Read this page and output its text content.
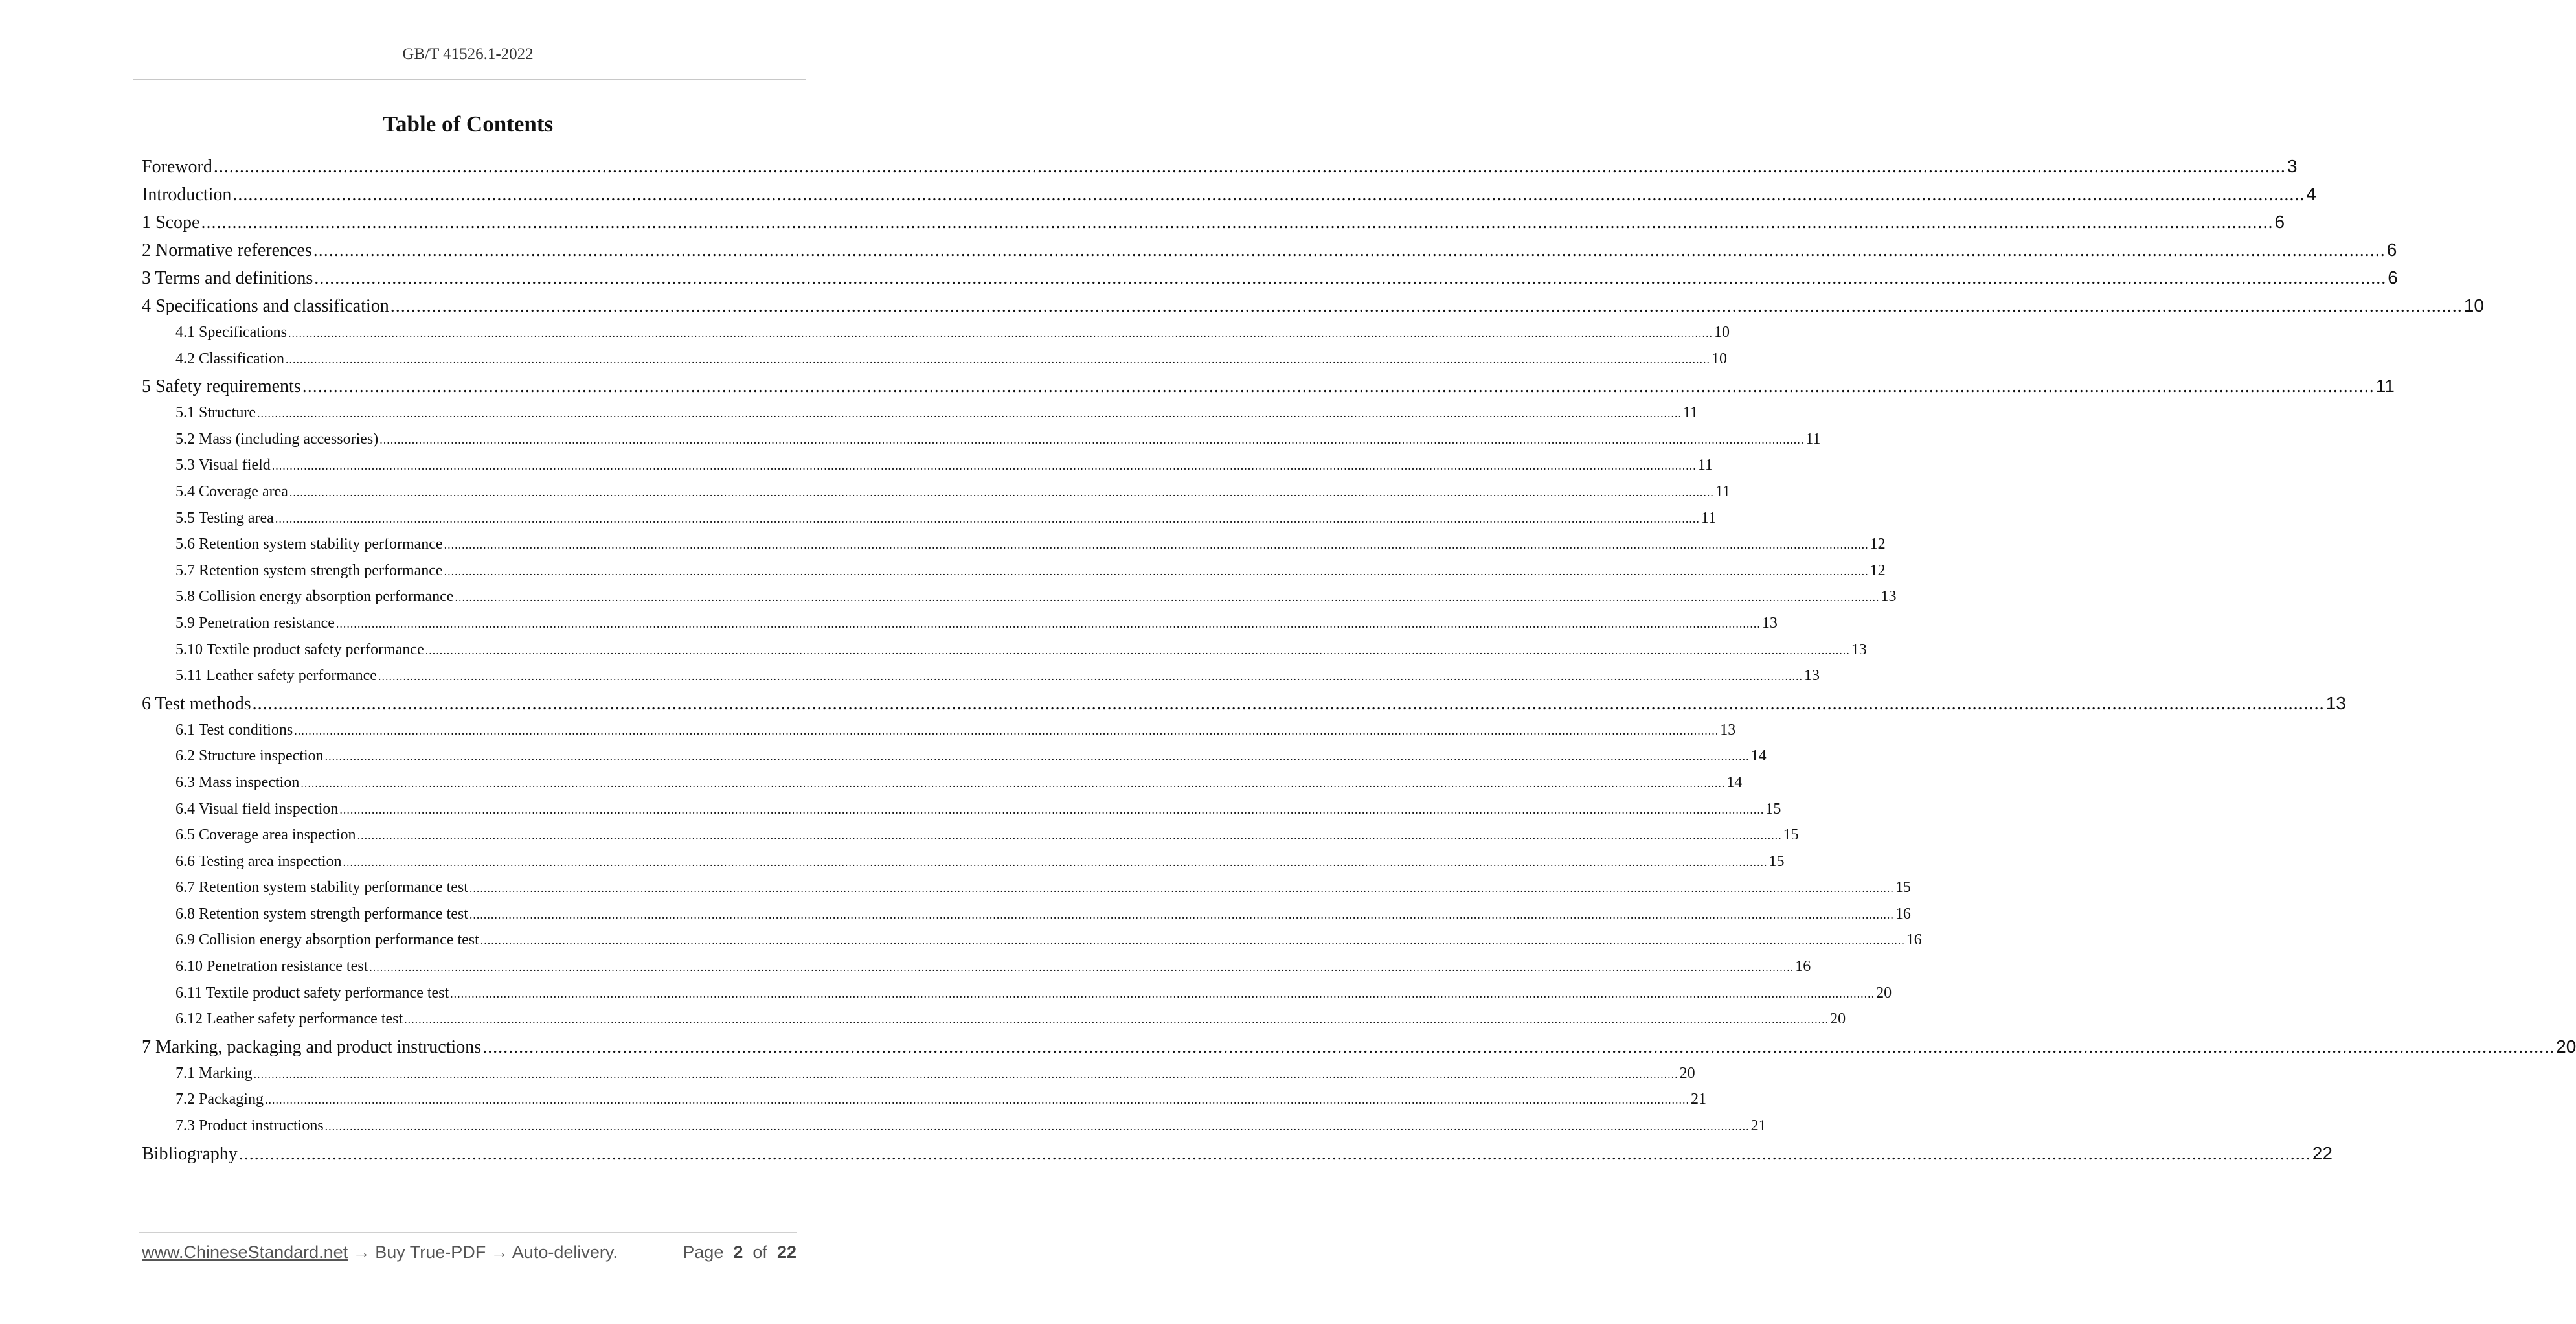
GB/T 41526.1-2022
Table of Contents
Foreword ................................................................................................................................................................................................................................................................................................................................................................................................................ 3
Introduction ................................................................................................................................................................................................................................................................................................................................................................................................................ 4
1 Scope ................................................................................................................................................................................................................................................................................................................................................................................................................ 6
2 Normative references ................................................................................................................................................................................................................................................................................................................................................................................................................ 6
3 Terms and definitions ................................................................................................................................................................................................................................................................................................................................................................................................................ 6
4 Specifications and classification ................................................................................................................................................................................................................................................................................................................................................................................................................ 10
4.1 Specifications ................................................................................................................................................................................................................................................................................................................................................................................................................ 10
4.2 Classification ................................................................................................................................................................................................................................................................................................................................................................................................................ 10
5 Safety requirements ................................................................................................................................................................................................................................................................................................................................................................................................................ 11
5.1 Structure ................................................................................................................................................................................................................................................................................................................................................................................................................ 11
5.2 Mass (including accessories) ................................................................................................................................................................................................................................................................................................................................................................................................................ 11
5.3 Visual field ................................................................................................................................................................................................................................................................................................................................................................................................................ 11
5.4 Coverage area ................................................................................................................................................................................................................................................................................................................................................................................................................ 11
5.5 Testing area ................................................................................................................................................................................................................................................................................................................................................................................................................ 11
5.6 Retention system stability performance ................................................................................................................................................................................................................................................................................................................................................................................................................ 12
5.7 Retention system strength performance ................................................................................................................................................................................................................................................................................................................................................................................................................ 12
5.8 Collision energy absorption performance ................................................................................................................................................................................................................................................................................................................................................................................................................ 13
5.9 Penetration resistance ................................................................................................................................................................................................................................................................................................................................................................................................................ 13
5.10 Textile product safety performance ................................................................................................................................................................................................................................................................................................................................................................................................................ 13
5.11 Leather safety performance ................................................................................................................................................................................................................................................................................................................................................................................................................ 13
6 Test methods ................................................................................................................................................................................................................................................................................................................................................................................................................ 13
6.1 Test conditions ................................................................................................................................................................................................................................................................................................................................................................................................................ 13
6.2 Structure inspection ................................................................................................................................................................................................................................................................................................................................................................................................................ 14
6.3 Mass inspection ................................................................................................................................................................................................................................................................................................................................................................................................................ 14
6.4 Visual field inspection ................................................................................................................................................................................................................................................................................................................................................................................................................ 15
6.5 Coverage area inspection ................................................................................................................................................................................................................................................................................................................................................................................................................ 15
6.6 Testing area inspection ................................................................................................................................................................................................................................................................................................................................................................................................................ 15
6.7 Retention system stability performance test ................................................................................................................................................................................................................................................................................................................................................................................................................ 15
6.8 Retention system strength performance test ................................................................................................................................................................................................................................................................................................................................................................................................................ 16
6.9 Collision energy absorption performance test ................................................................................................................................................................................................................................................................................................................................................................................................................ 16
6.10 Penetration resistance test ................................................................................................................................................................................................................................................................................................................................................................................................................ 16
6.11 Textile product safety performance test ................................................................................................................................................................................................................................................................................................................................................................................................................ 20
6.12 Leather safety performance test ................................................................................................................................................................................................................................................................................................................................................................................................................ 20
7 Marking, packaging and product instructions ................................................................................................................................................................................................................................................................................................................................................................................................................ 20
7.1 Marking ................................................................................................................................................................................................................................................................................................................................................................................................................ 20
7.2 Packaging ................................................................................................................................................................................................................................................................................................................................................................................................................ 21
7.3 Product instructions ................................................................................................................................................................................................................................................................................................................................................................................................................ 21
Bibliography ................................................................................................................................................................................................................................................................................................................................................................................................................ 22
www.ChineseStandard.net → Buy True-PDF → Auto-delivery.	Page 2 of 22
